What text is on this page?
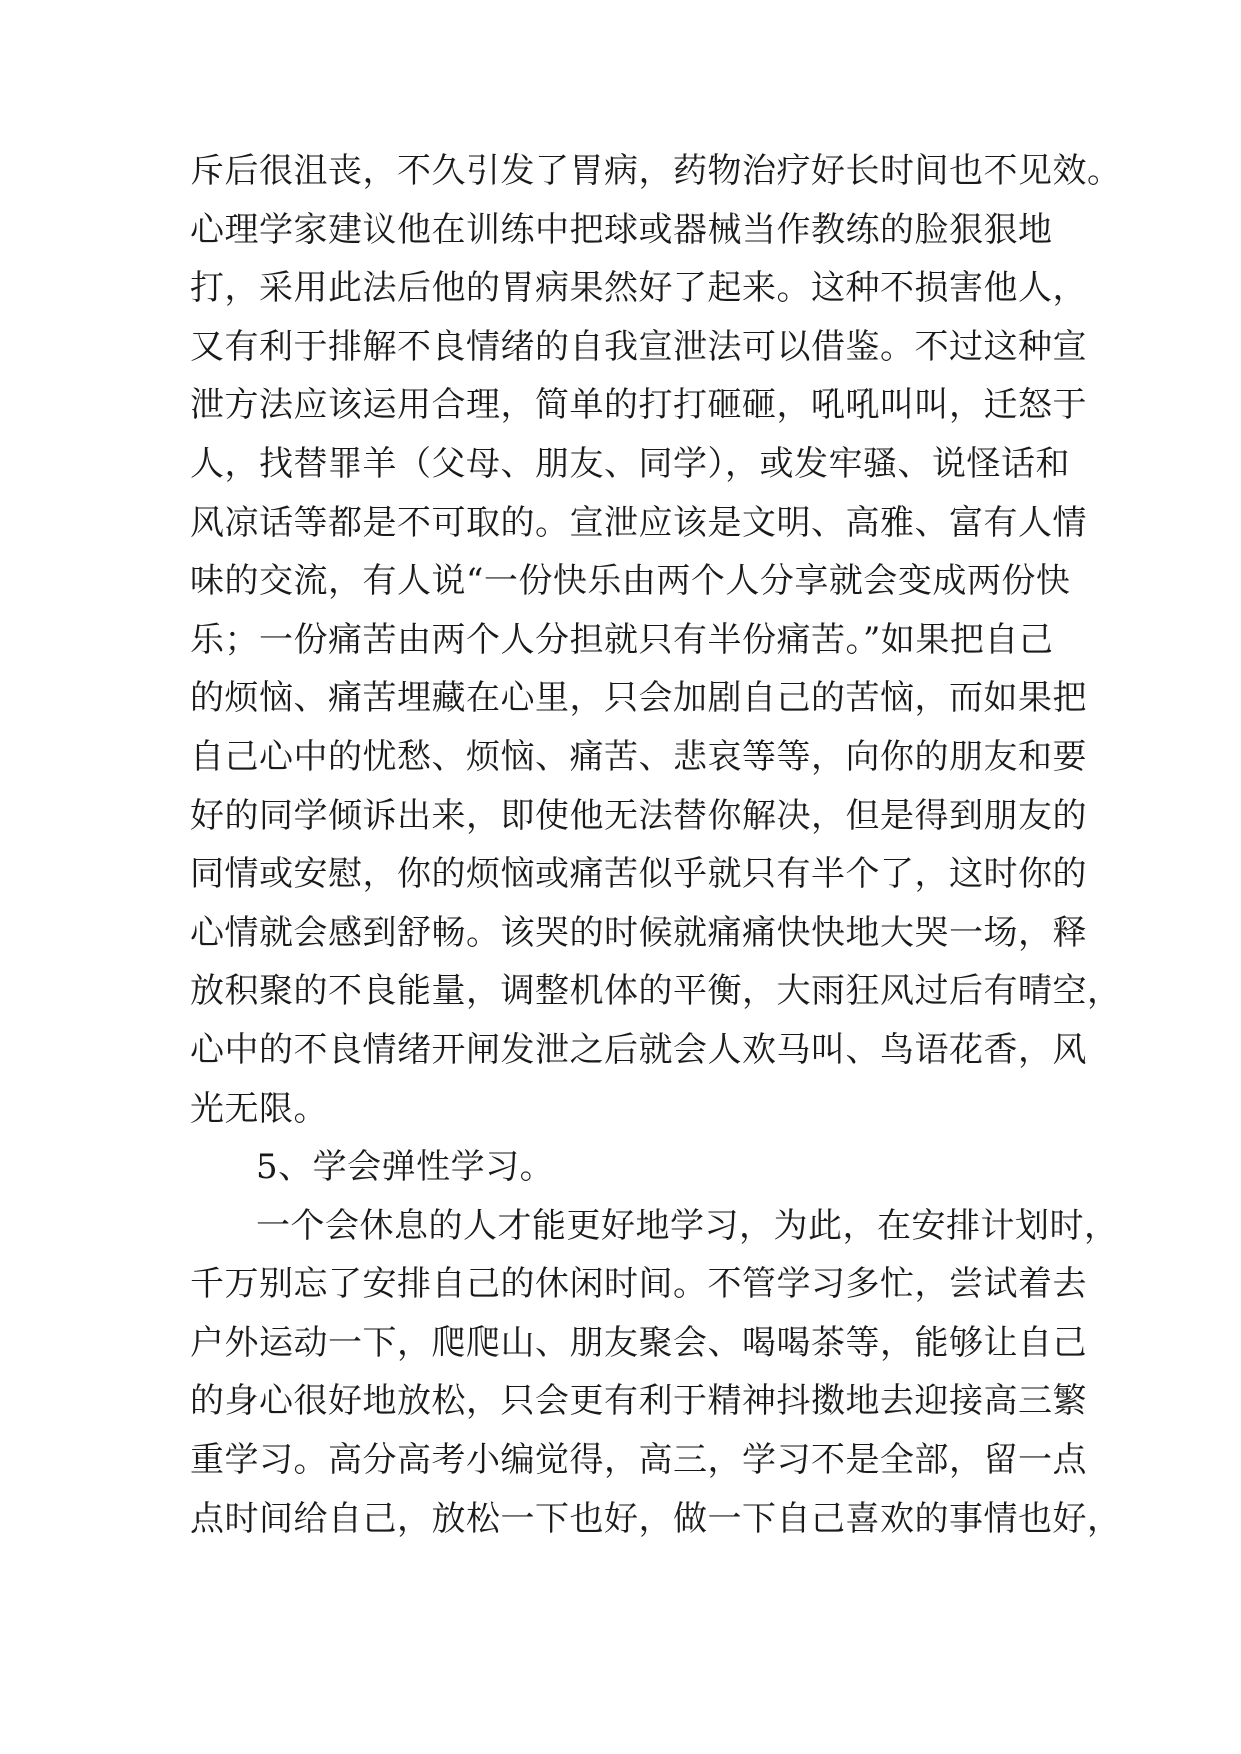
斥后很沮丧，不久引发了胃病，药物治疗好长时间也不见效。
心理学家建议他在训练中把球或器械当作教练的脸狠狠地
打，采用此法后他的胃病果然好了起来。这种不损害他人，
又有利于排解不良情绪的自我宣泄法可以借鉴。不过这种宣
泄方法应该运用合理，简单的打打砸砸，吼吼叫叫，迁怒于
人，找替罪羊（父母、朋友、同学），或发牢骚、说怪话和
风凉话等都是不可取的。宣泄应该是文明、高雅、富有人情
味的交流，有人说“一份快乐由两个人分享就会变成两份快
乐；一份痛苦由两个人分担就只有半份痛苦。”如果把自己
的烦恼、痛苦埋藏在心里，只会加剧自己的苦恼，而如果把
自己心中的忧愁、烦恼、痛苦、悲哀等等，向你的朋友和要
好的同学倾诉出来，即使他无法替你解决，但是得到朋友的
同情或安慰，你的烦恼或痛苦似乎就只有半个了，这时你的
心情就会感到舒畅。该哭的时候就痛痛快快地大哭一场，释
放积聚的不良能量，调整机体的平衡，大雨狂风过后有晴空，
心中的不良情绪开闸发泄之后就会人欢马叫、鸟语花香，风
光无限。
5、学会弹性学习。
一个会休息的人才能更好地学习，为此，在安排计划时，
千万别忘了安排自己的休闲时间。不管学习多忙，尝试着去
户外运动一下，爬爬山、朋友聚会、喝喝茶等，能够让自己
的身心很好地放松，只会更有利于精神抖擞地去迎接高三繁
重学习。高分高考小编觉得，高三，学习不是全部，留一点
点时间给自己，放松一下也好，做一下自己喜欢的事情也好，
